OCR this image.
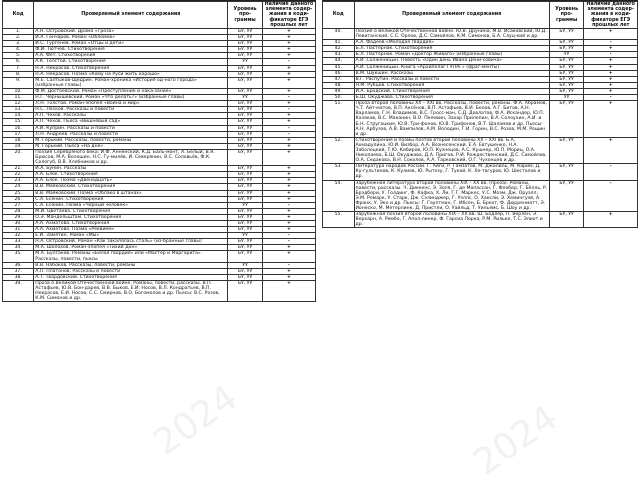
2024	2024
Код	Проверяемый элемент содержания	Уровень про-граммы	Наличие данного элемента содер-жания в коди-фикаторе ЕГЭ прошлых лет
1.	А.Н. Островский. Драма «Гроза»	БУ, УУ	+
2.	И.А. Гончаров. Роман «Обломов»	БУ, УУ	+
3.	И.С. Тургенев. Роман «Отцы и дети»	БУ, УУ	+
4.	Ф.И. Тютчев. Стихотворения	БУ, УУ	+
5.	А.А. Фет. Стихотворения	БУ, УУ	+
6.	А.К. Толстой. Стихотворения	УУ	-
7.	Н.А. Некрасов. Стихотворения	БУ, УУ	+
8.	Н.А. Некрасов. Поэма «Кому на Руси жить хорошо»	БУ, УУ	+
9.	М.Е. Салтыков-Щедрин. Роман-хроника «История од-ного города» (избранные главы)	БУ, УУ	+
10.	Ф.М. Достоевский. Роман «Преступление и нака-зание»	БУ, УУ	+
11.	Н.Г. Чернышевский. Роман «Что делать?» (избранные главы)	УУ	-
12.	Л.Н. Толстой. Роман-эпопея «Война и мир»	БУ, УУ	+
13.	Н.С. Лесков. Рассказы и повести	БУ, УУ	-
14.	А.П. Чехов. Рассказы	БУ, УУ	+
15.	А.П. Чехов. Пьеса «Вишнёвый сад»	БУ, УУ	+
16.	А.И. Куприн. Рассказы и повести	БУ, УУ	-
17.	Л.Н. Андреев. Рассказы и повести	БУ, УУ	-
18.	М. Горький. Рассказы, повести, романы	БУ, УУ	+
19.	М. Горький. Пьеса «На дне»	БУ, УУ	+
20.	Поэзия Серебряного века: И.Ф. Анненский, К.Д. Баль-монт, А. Белый, В.Я. Брюсов, М.А. Волошин, Н.С. Гу-милёв, И. Северянин, В.С. Соловьёв, Ф.К. Сологуб, В.В. Хлебников и др.	БУ, УУ	+
21.	И.А. Бунин. Рассказы	БУ, УУ	+
22.	А.А. Блок. Стихотворения	БУ, УУ	+
23.	А.А. Блок. Поэма «Двенадцать»	БУ, УУ	+
24.	В.В. Маяковский. Стихотворения	БУ, УУ	+
25.	В.В. Маяковский. Поэма «Облако в штанах»	БУ, УУ	+
26.	С.А. Есенин. Стихотворения	БУ, УУ	+
27.	С.А. Есенин. Поэма «Чёрный человек»	УУ	-
28.	М.И. Цветаева. Стихотворения	БУ, УУ	+
29.	О.Э. Мандельштам. Стихотворения	БУ, УУ	+
30.	А.А. Ахматова. Стихотворения	БУ, УУ	+
31.	А.А. Ахматова. Поэма «Реквием»	БУ, УУ	+
32.	Е.И. Замятин. Роман «Мы»	УУ	-
33.	Н.А. Островский. Роман «Как закалялась сталь» (из-бранные главы)	БУ, УУ	-
34.	М.А. Шолохов. Роман-эпопея «Тихий Дон»	БУ, УУ	+
35.	М.А. Булгаков. Романы «Белая гвардия» или «Мастер и Маргарита». Рассказы, повести, пьесы	БУ, УУ	+
36.	В.В. Набоков. Рассказы, повести, романы	УУ	-
37.	А.П. Платонов. Рассказы и повести	БУ, УУ	+
38.	А.Т. Твардовский. Стихотворения	БУ, УУ	+
39.	Проза о Великой Отечественной войне. Романы, повести, рассказы. В.П. Астафьев, Ю.В. Бон-дарев, В.В. Быков, Е.И. Носов, В.Л. Кондратьев, В.П. Некрасов, Е.И. Носов, С.С. Смирнов, В.О. Богомолов и др. Пьесы: В.С. Розов, К.М. Симонов и др.	БУ, УУ	+
Код	Проверяемый элемент содержания	Уровень про-граммы	Наличие данного элемента содер-жания в коди-фикаторе ЕГЭ прошлых лет
40.	Поэзия о Великой Отечественной войне. Ю.В. Друнина, М.В. Исаковский, Ю.Д. Левитанский, С.С. Орлов, Д.С. Самойлов, К.М. Симонов, Б.А. Слуц-кий и др.	БУ, УУ	+
41.	А.А. Фадеев «Молодая гвардия»	БУ, УУ	-
42.	Б.Л. Пастернак. Стихотворения	БУ, УУ	+
43.	Б.Л. Пастернак. Роман «Доктор Живаго» (избранные главы)	УУ	-
44.	А.И. Солженицын. Повесть «Один день Ивана Дени-совича»	БУ, УУ	+
45.	А.И. Солженицын. Книга «Архипелаг ГУЛАГ» (фраг-менты)	БУ, УУ	+
46.	В.М. Шукшин. Рассказы	БУ, УУ	+
47.	В.Г. Распутин. Рассказы и повести	БУ, УУ	+
48.	Н.М. Рубцов. Стихотворения	БУ, УУ	+
49.	И.А. Бродский. Стихотворения	БУ, УУ	+
50.	Б.Ш. Окуджава. Стихотворения	УУ	-
51.	Проза второй половины XX – XXI вв. Рассказы, повести, романы. Ф.А. Абрамов, Ч.Т. Айт-матов, В.П. Аксёнов, В.П. Астафьев, В.И. Белов, А.Г. Битов, А.Н. Варламов, Г.Н. Владимов, В.С. Гросс-ман, С.Д. Довлатов, Ф.А. Искандер, Ю.П. Казаков, В.С. Маканин, В.О. Пелевин, Захар Прилепин, В.А. Солоухин, А.И. и Б.Н. Стругацкие, Ю.В. Три-фонов, Ю.В. Трифонов, В.Т. Шаламов и др. Пьесы: А.Н. Арбузов, А.В. Вампилов, А.М. Володин, Г.И. Горин, В.С. Розов, М.М. Рощин и др.	БУ, УУ	+
52.	Стихотворения и поэмы поэтов второй половины XX – XXI вв. Б.А. Ахмадулина, Ю.И. Визбор, А.А. Вознесенский, Е.А. Евтушенко, Н.А. Заболоцкий, Т.Ю. Кибиров, Ю.П. Кузнецов, А.С. Кушнер, Ю.П. Мориц, О.А. Николаева, Б.Ш. Окуджава, Д.А. Пригов, Р.И. Рождественский, Д.С. Самойлов, О.А. Седакова, В.Н. Соколов, А.А. Тарковский, О.Г. Чухонцев и др.	БУ, УУ	+
53.	Литература народов России. Г. Айги, Р. Гамзатов, М. Джалиль, М. Карим, Д. Ку-гультинов, К. Кулиев, Ю. Рытхэу, Г. Тукай, К. Хе-тагуров, Ю. Шесталов и др.	БУ, УУ	-
54.	Зарубежная литература второй половины XIX – XX вв. (проза). Романы, повести, рассказы. Ч. Диккенс, Э. Золя, Г. де Мопассан, Г. Флобер, Г. Бёлль, Р. Брэдбери, У. Голдинг, Ф. Кафка, X. Ли, Г.Г. Маркес, У.С. Моэм, Дж. Оруэлл, Э.М. Ремарк, У. Старк, Дж. Сэлинджер, Г. Уэллс, О. Хаксли, Э. Хемингуэй, А. Франк, У. Эко и др. Пьесы: Г. Гауптман, Г. Ибсен, Б. Брехт, Ф. Дюрренматт, Э. Ионеско, М. Метерлинк, Д. Пристли, О. Уайльд, Т. Уильямс, Б. Шоу и др.	БУ, УУ	-
55.	Зарубежная поэзия второй половины XIX – XX вв. Ш. Бодлер, П. Верлен, Э. Верхарн, А. Рембо, Г. Апол-линер, Ф. Гарсиа Лорка, Р.М. Рильке, Т.С. Элиот и др.	БУ, УУ	+
